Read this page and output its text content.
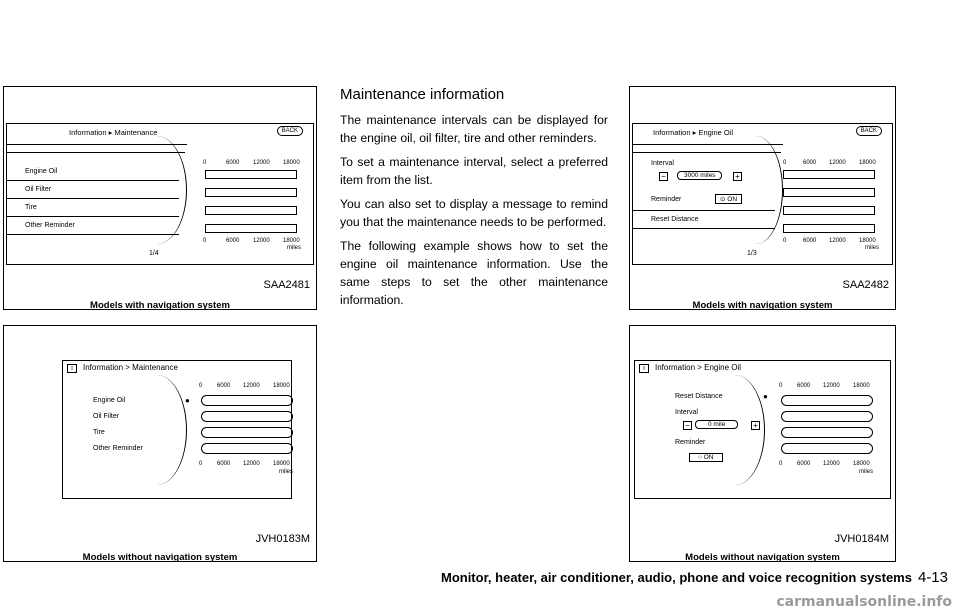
Information ▸ Maintenance	BACK
Engine Oil
Oil Filter
Tire
Other Reminder
0	6000 12000 18000
0	6000 12000 18000
miles
1/4
SAA2481
Models with navigation system
Information ▸ Engine Oil	BACK
Interval
−	3000 miles	+
Reminder	⊙ ON
Reset Distance
0	6000 12000 18000
0	6000 12000 18000
miles
1/3
SAA2482
Models with navigation system
i	Information > Maintenance
Engine Oil	●
Oil Filter
Tire
Other Reminder
0 6000 12000 18000
0 6000 12000 18000
miles
JVH0183M
Models without navigation system
i	Information > Engine Oil
Reset Distance	●
Interval
−	0 mile	+
Reminder
○ ON
0 6000 12000 18000
0 6000 12000 18000
miles
JVH0184M
Models without navigation system
Maintenance information

The maintenance intervals can be displayed for the engine oil, oil filter, tire and other reminders.

To set a maintenance interval, select a preferred item from the list.

You can also set to display a message to remind you that the maintenance needs to be performed.

The following example shows how to set the engine oil maintenance information. Use the same steps to set the other maintenance information.

Monitor, heater, air conditioner, audio, phone and voice recognition systems 4-13
carmanualsonline.info
